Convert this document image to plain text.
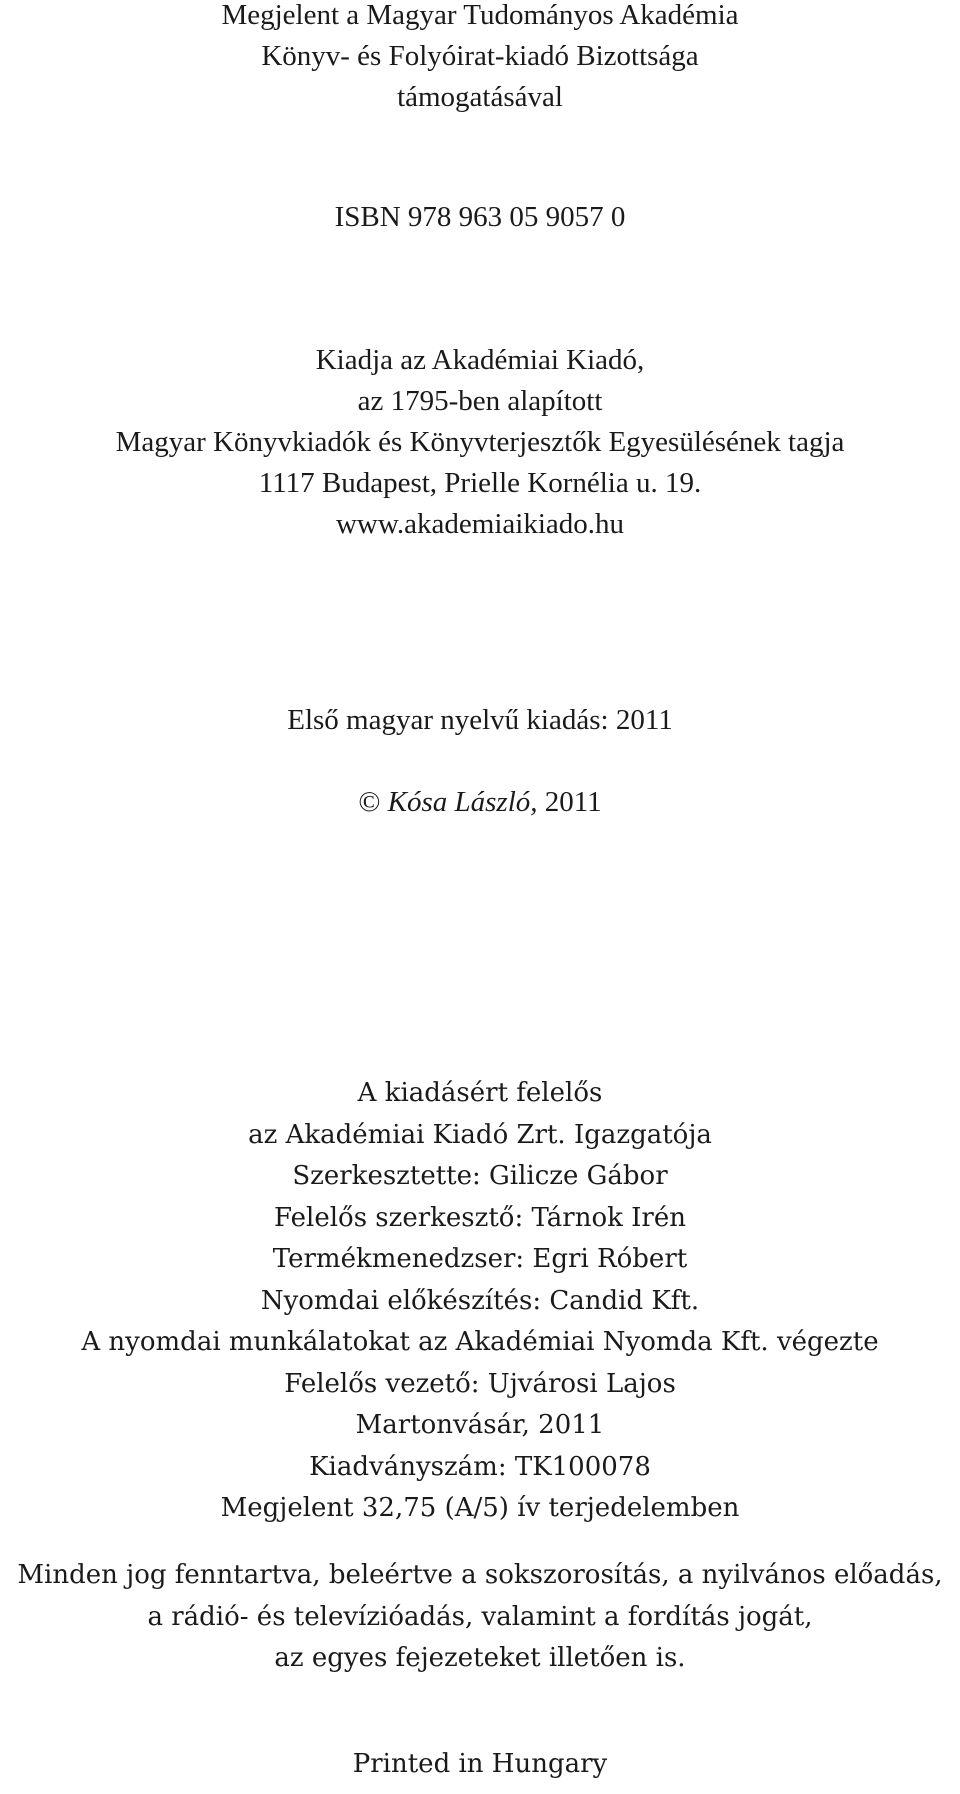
Megjelent a Magyar Tudományos Akadémia
Könyv- és Folyóirat-kiadó Bizottsága
támogatásával
ISBN 978 963 05 9057 0
Kiadja az Akadémiai Kiadó,
az 1795-ben alapított
Magyar Könyvkiadók és Könyvterjesztők Egyesülésének tagja
1117 Budapest, Prielle Kornélia u. 19.
www.akademiaikiado.hu
Első magyar nyelvű kiadás: 2011
© Kósa László, 2011
A kiadásért felelős
az Akadémiai Kiadó Zrt. Igazgatója
Szerkesztette: Gilicze Gábor
Felelős szerkesztő: Tárnok Irén
Termékmenedzser: Egri Róbert
Nyomdai előkészítés: Candid Kft.
A nyomdai munkálatokat az Akadémiai Nyomda Kft. végezte
Felelős vezető: Ujvárosi Lajos
Martonvásár, 2011
Kiadványszám: TK100078
Megjelent 32,75 (A/5) ív terjedelemben
Minden jog fenntartva, beleértve a sokszorosítás, a nyilvános előadás,
a rádió- és televízióadás, valamint a fordítás jogát,
az egyes fejezeteket illetően is.
Printed in Hungary
